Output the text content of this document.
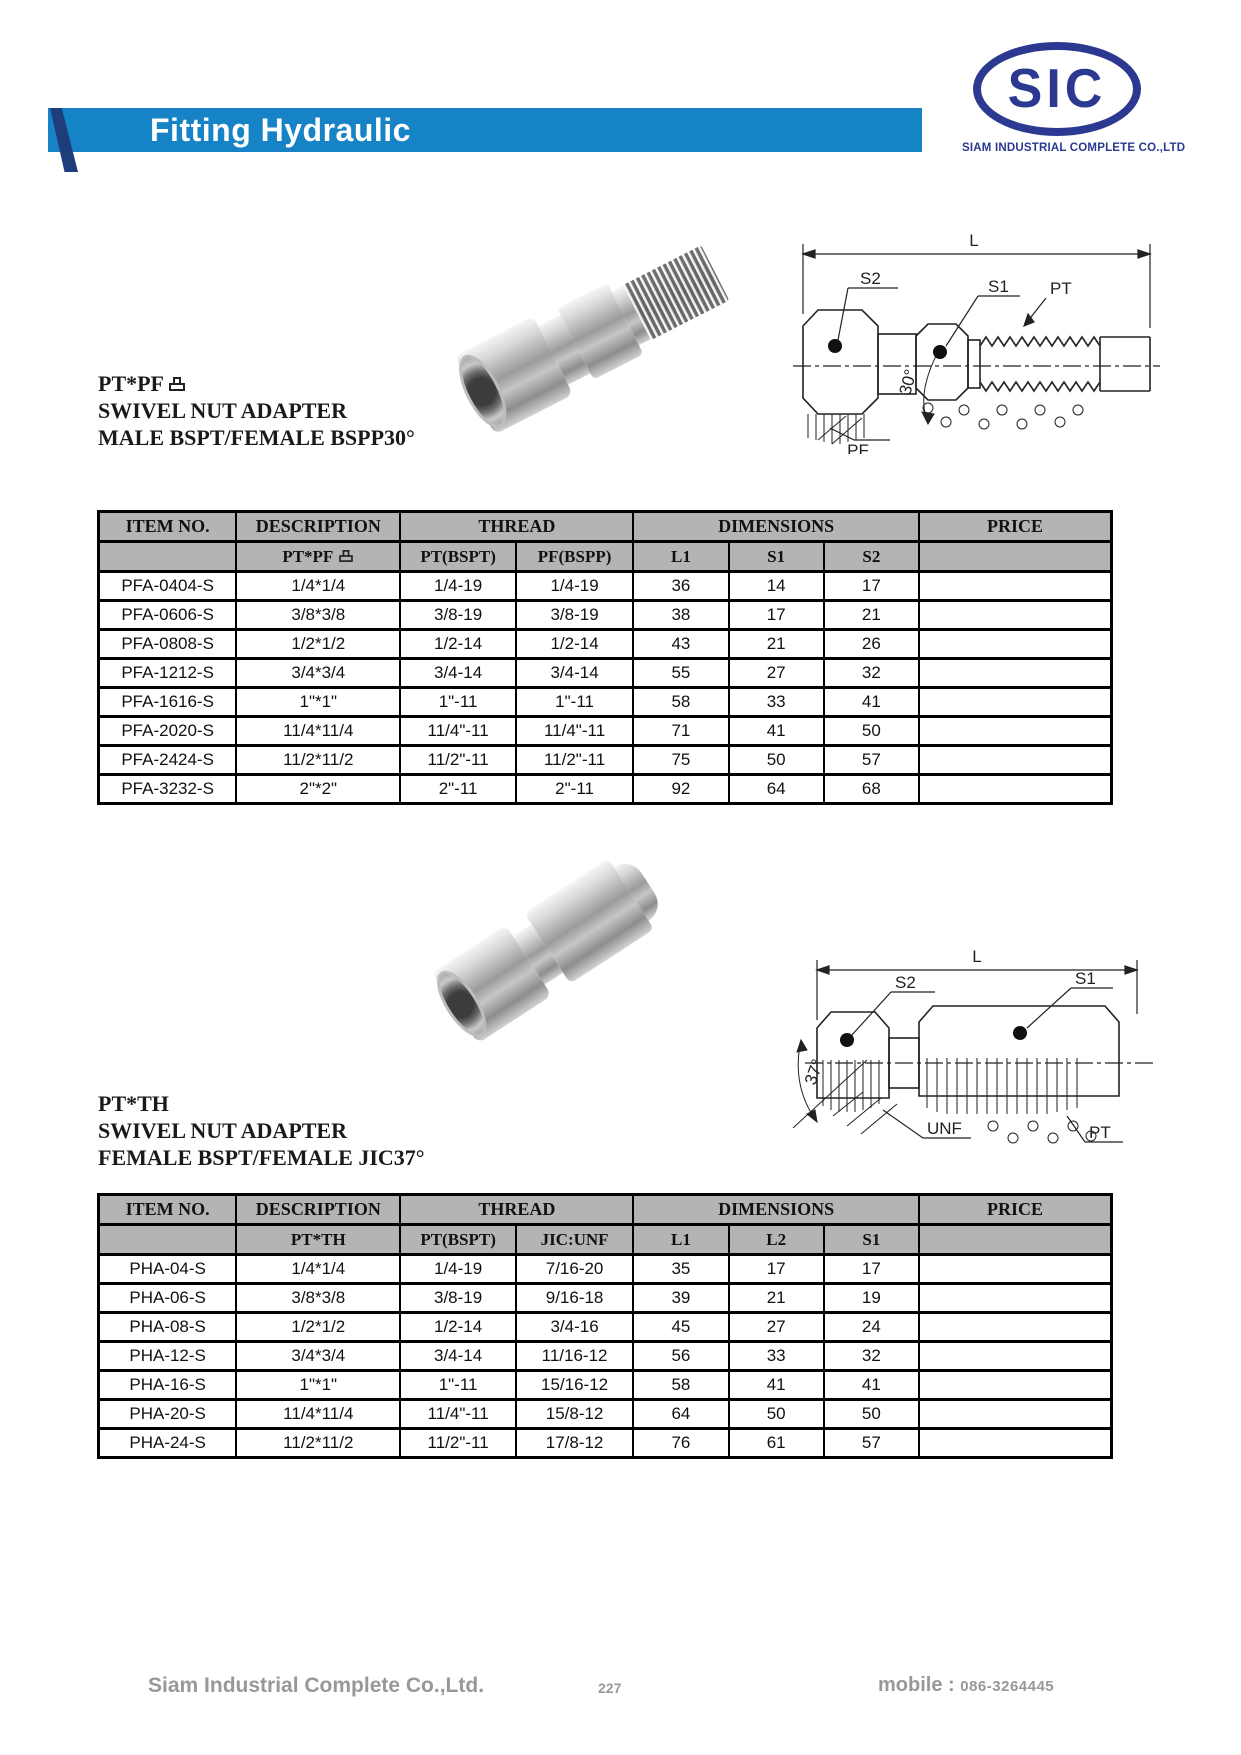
Fitting Hydraulic
SIC
SIAM INDUSTRIAL COMPLETE CO.,LTD
PT*PF
SWIVEL NUT ADAPTER
MALE BSPT/FEMALE BSPP30°
L
S2	S1 PT
30°
PF
ITEM NO.	DESCRIPTION	THREAD		DIMENSIONS			PRICE
	PT*PF	PT(BSPT)	PF(BSPP)	L1	S1	S2	
PFA-0404-S	1/4*1/4	1/4-19	1/4-19	36	14	17	
PFA-0606-S	3/8*3/8	3/8-19	3/8-19	38	17	21	
PFA-0808-S	1/2*1/2	1/2-14	1/2-14	43	21	26	
PFA-1212-S	3/4*3/4	3/4-14	3/4-14	55	27	32	
PFA-1616-S	1"*1"	1"-11	1"-11	58	33	41	
PFA-2020-S	11/4*11/4	11/4"-11	11/4"-11	71	41	50	
PFA-2424-S	11/2*11/2	11/2"-11	11/2"-11	75	50	57	
PFA-3232-S	2"*2"	2"-11	2"-11	92	64	68	
PT*TH
SWIVEL NUT ADAPTER
FEMALE BSPT/FEMALE JIC37°
L
S2	S1
37°
UNF	PT
ITEM NO.	DESCRIPTION	THREAD		DIMENSIONS			PRICE
	PT*TH	PT(BSPT)	JIC:UNF	L1	L2	S1	
PHA-04-S	1/4*1/4	1/4-19	7/16-20	35	17	17	
PHA-06-S	3/8*3/8	3/8-19	9/16-18	39	21	19	
PHA-08-S	1/2*1/2	1/2-14	3/4-16	45	27	24	
PHA-12-S	3/4*3/4	3/4-14	11/16-12	56	33	32	
PHA-16-S	1"*1"	1"-11	15/16-12	58	41	41	
PHA-20-S	11/4*11/4	11/4"-11	15/8-12	64	50	50	
PHA-24-S	11/2*11/2	11/2"-11	17/8-12	76	61	57	
Siam Industrial Complete Co.,Ltd.	227	mobile : 086-3264445
